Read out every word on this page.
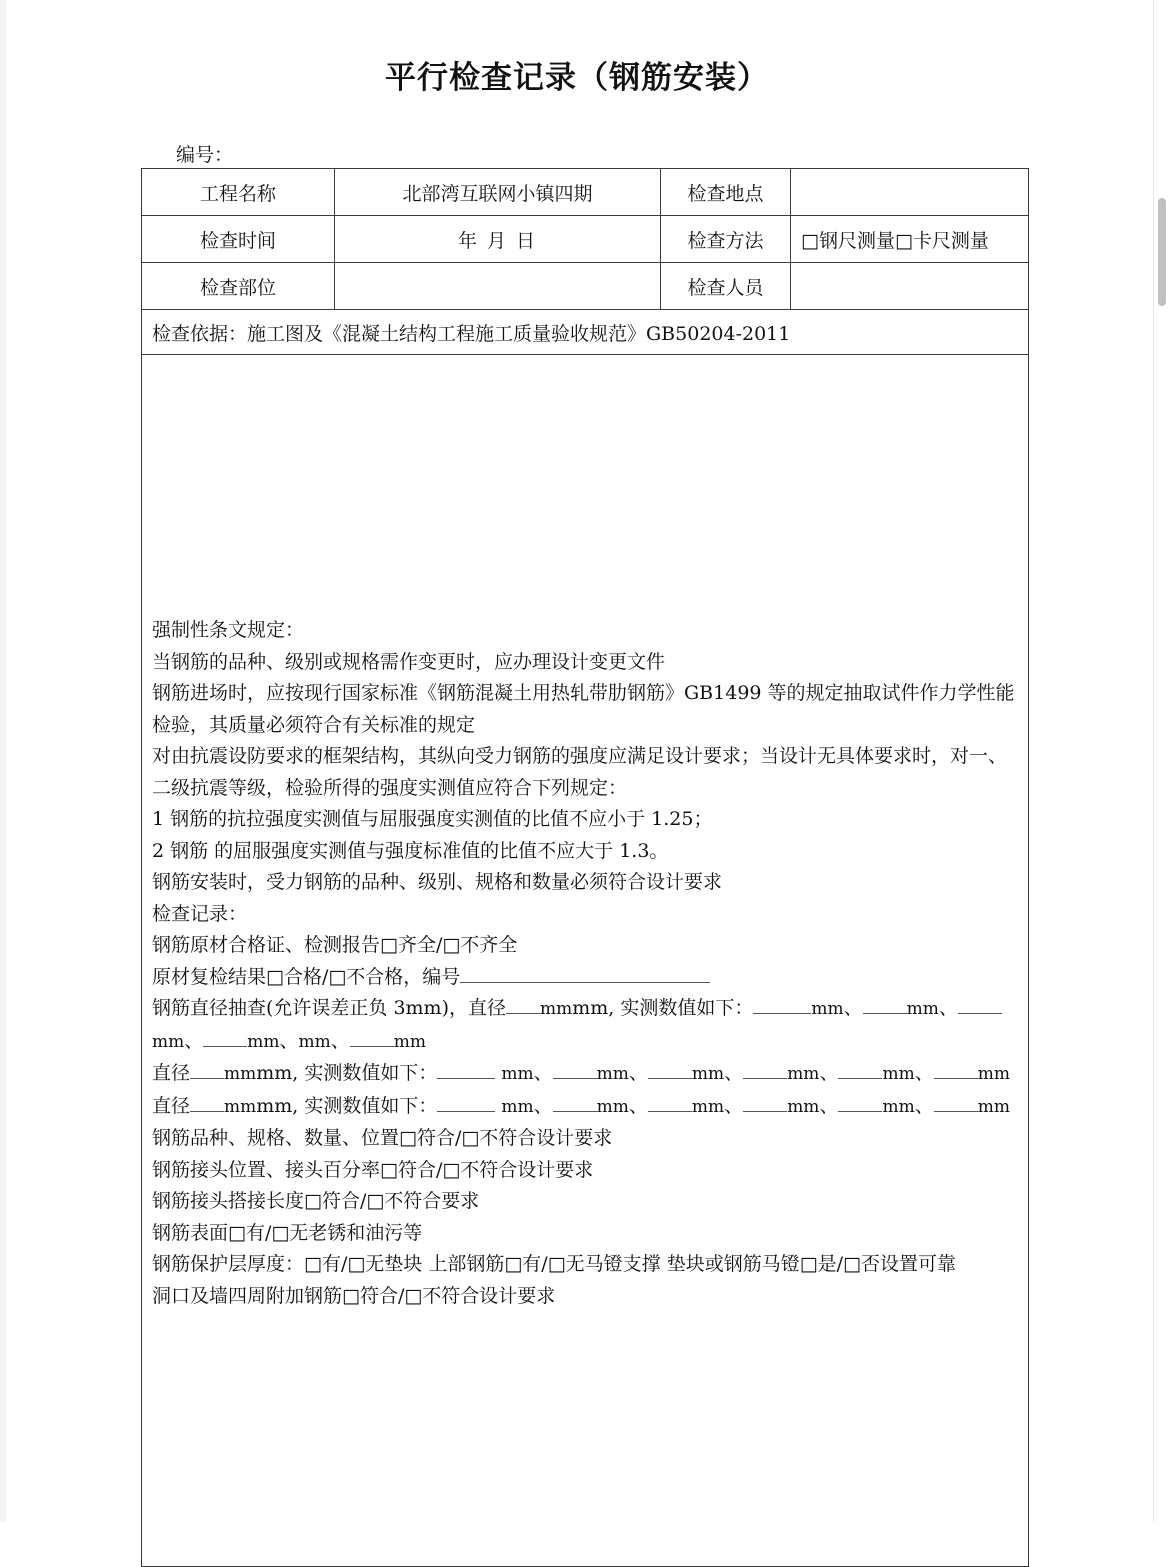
平行检查记录（钢筋安装）
编号：
工程名称	北部湾互联网小镇四期	检查地点	
检查时间	年 月 日	检查方法	□钢尺测量□卡尺测量
检查部位		检查人员	
检查依据：施工图及《混凝土结构工程施工质量验收规范》GB50204-2011			

强制性条文规定：
当钢筋的品种、级别或规格需作变更时，应办理设计变更文件
钢筋进场时，应按现行国家标准《钢筋混凝土用热轧带肋钢筋》GB1499 等的规定抽取试件作力学性能检验，其质量必须符合有关标准的规定
对由抗震设防要求的框架结构，其纵向受力钢筋的强度应满足设计要求；当设计无具体要求时，对一、二级抗震等级，检验所得的强度实测值应符合下列规定：
1 钢筋的抗拉强度实测值与屈服强度实测值的比值不应小于 1.25；
2 钢筋 的屈服强度实测值与强度标准值的比值不应大于 1.3。
钢筋安装时，受力钢筋的品种、级别、规格和数量必须符合设计要求
检查记录：
钢筋原材合格证、检测报告□齐全/□不齐全
原材复检结果□合格/□不合格，编号
钢筋直径抽查(允许误差正负 3mm)，直径 mmmm, 实测数值如下：	mm、	mm、mm、	mm、mm、	mm
直径 mmmm, 实测数值如下：	mm、	mm、	mm、	mm、	mm、	mm
直径 mmmm, 实测数值如下：	mm、	mm、	mm、	mm、	mm、	mm
钢筋品种、规格、数量、位置□符合/□不符合设计要求
钢筋接头位置、接头百分率□符合/□不符合设计要求
钢筋接头搭接长度□符合/□不符合要求
钢筋表面□有/□无老锈和油污等
钢筋保护层厚度：□有/□无垫块 上部钢筋□有/□无马镫支撑 垫块或钢筋马镫□是/□否设置可靠
洞口及墙四周附加钢筋□符合/□不符合设计要求
